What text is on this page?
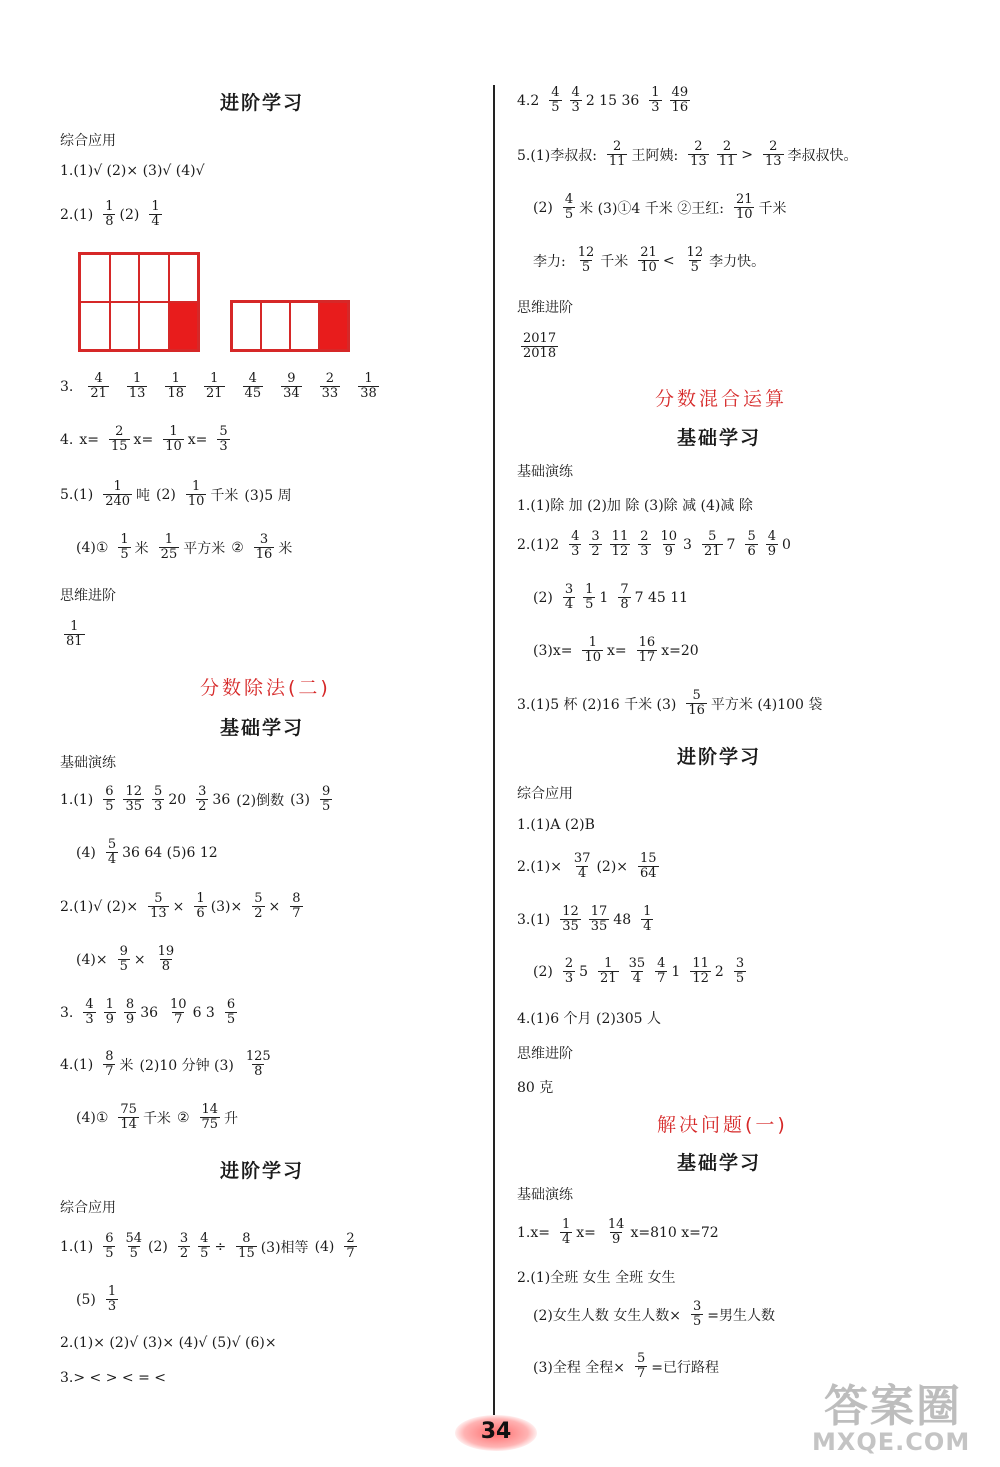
进阶学习
综合应用
1.(1)√ (2)× (3)√ (4)√
$2.(1) \frac{1}{8} (2) \frac{1}{4}$
3. $\frac{4}{21} \frac{1}{13} \frac{1}{18} \frac{1}{21} \frac{4}{45} \frac{9}{34} \frac{2}{33} \frac{1}{38}$
4. $x= \frac{2}{15} x= \frac{1}{10} x= \frac{5}{3}$
$5.(1) \frac{1}{240}$ 吨 $(2) \frac{1}{10}$ 千米 (3)5 周
(4)① $\frac{1}{5}$ 米 $\frac{1}{25}$ 平方米 ② $\frac{3}{16}$ 米
思维进阶
$\frac{1}{81}$
分数除法(二)
基础学习
基础演练
$1.(1) \frac{6}{5} \frac{12}{35} \frac{5}{3} 20 \frac{3}{2} 36$ (2)倒数 $(3) \frac{9}{5}$
$(4) \frac{5}{4} 36$ 64 (5)6 12
2.(1)√ $(2)\times \frac{5}{13} \times \frac{1}{6} (3)\times \frac{5}{2} \times \frac{8}{7}$
$(4)\times \frac{9}{5} \times \frac{19}{8}$
3. $\frac{4}{3} \frac{1}{9} \frac{8}{9} 36 \frac{10}{7} 6$ $3 \frac{6}{5}$
$4.(1) \frac{8}{7}$ 米 (2)10 分钟 $(3) \frac{125}{8}$
(4)① $\frac{75}{14}$ 千米 ② $\frac{14}{75}$ 升
进阶学习
综合应用
$1.(1) \frac{6}{5} \frac{54}{5} (2) \frac{3}{2} \frac{4}{5} \div \frac{8}{15} (3)$相等 $(4) \frac{2}{7}$
$(5) \frac{1}{3}$
2.(1)× (2)√ (3)× (4)√ (5)√ (6)×
3.> < > < = <
$4.2 \frac{4}{5} \frac{4}{3} 2$ 15 $36 \frac{1}{3} \frac{49}{16}$
5.(1)李叔叔: $\frac{2}{11}$ 王阿姨: $\frac{2}{13} \frac{2}{11} > \frac{2}{13}$ 李叔叔快。
$(2) \frac{4}{5}$ 米 (3)①4 千米 ②王红: $\frac{21}{10}$ 千米
李力: $\frac{12}{5}$ 千米 $\frac{21}{10} < \frac{12}{5}$ 李力快。
思维进阶
$\frac{2017}{2018}$
分数混合运算
基础学习
基础演练
1.(1)除 加 (2)加 除 (3)除 减 (4)减 除
$2.(1)2 \frac{4}{3} \frac{3}{2} \frac{11}{12} \frac{2}{3} \frac{10}{9} 3 \frac{5}{21} 7 \frac{5}{6} \frac{4}{9} 0$
$(2) \frac{3}{4} \frac{1}{5} 1 \frac{7}{8} 7$ 45 11
$(3)x= \frac{1}{10} x= \frac{16}{17} x=20$
3.(1)5 杯 (2)16 千米 $(3) \frac{5}{16}$ 平方米 (4)100 袋
进阶学习
综合应用
1.(1)A (2)B
$2.(1)\times \frac{37}{4} (2)\times \frac{15}{64}$
$3.(1) \frac{12}{35} \frac{17}{35} 48 \frac{1}{4}$
$(2) \frac{2}{3} 5 \frac{1}{21} \frac{35}{4} \frac{4}{7} 1 \frac{11}{12} 2 \frac{3}{5}$
4.(1)6 个月 (2)305 人
思维进阶
80 克
解决问题(一)
基础学习
基础演练
$1.x= \frac{1}{4} x= \frac{14}{9} x=810$ x=72
2.(1)全班 女生 全班 女生
(2)女生人数 女生人数× $\frac{3}{5}$ =男生人数
(3)全程 全程× $\frac{5}{7}$ =已行路程
34	答案圈
MXQE.COM
